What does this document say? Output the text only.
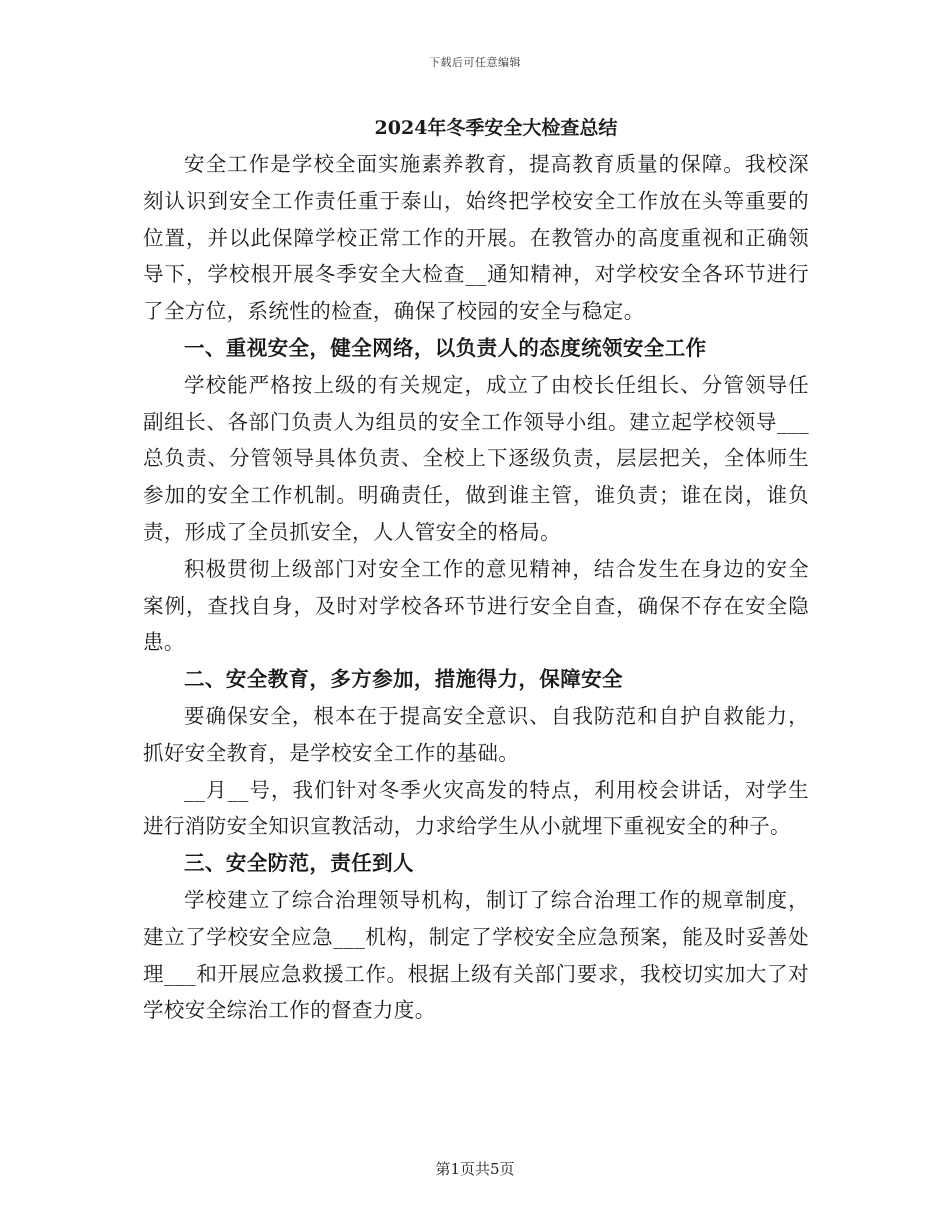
下载后可任意编辑
2024年冬季安全大检查总结

安全工作是学校全面实施素养教育，提高教育质量的保障。我校深刻认识到安全工作责任重于泰山，始终把学校安全工作放在头等重要的位置，并以此保障学校正常工作的开展。在教管办的高度重视和正确领导下，学校根开展冬季安全大检查__通知精神，对学校安全各环节进行了全方位，系统性的检查，确保了校园的安全与稳定。

一、重视安全，健全网络，以负责人的态度统领安全工作

学校能严格按上级的有关规定，成立了由校长任组长、分管领导任副组长、各部门负责人为组员的安全工作领导小组。建立起学校领导___总负责、分管领导具体负责、全校上下逐级负责，层层把关，全体师生参加的安全工作机制。明确责任，做到谁主管，谁负责；谁在岗，谁负责，形成了全员抓安全，人人管安全的格局。

积极贯彻上级部门对安全工作的意见精神，结合发生在身边的安全案例，查找自身，及时对学校各环节进行安全自查，确保不存在安全隐患。

二、安全教育，多方参加，措施得力，保障安全

要确保安全，根本在于提高安全意识、自我防范和自护自救能力，抓好安全教育，是学校安全工作的基础。

__月__号，我们针对冬季火灾高发的特点，利用校会讲话，对学生进行消防安全知识宣教活动，力求给学生从小就埋下重视安全的种子。

三、安全防范，责任到人

学校建立了综合治理领导机构，制订了综合治理工作的规章制度，建立了学校安全应急___机构，制定了学校安全应急预案，能及时妥善处理___和开展应急救援工作。根据上级有关部门要求，我校切实加大了对学校安全综治工作的督查力度。

第1页共5页
